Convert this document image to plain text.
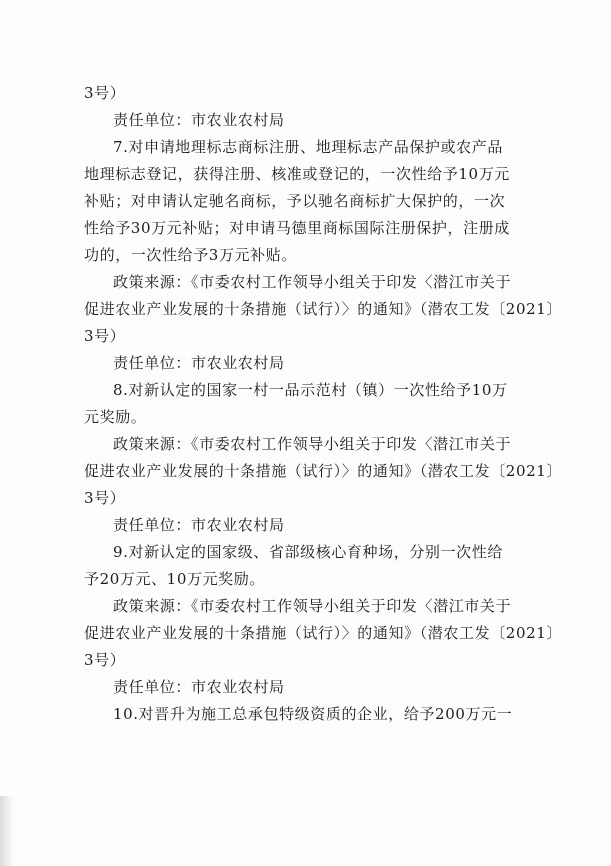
3号）
责任单位：市农业农村局
7.对申请地理标志商标注册、地理标志产品保护或农产品
地理标志登记，获得注册、核准或登记的，一次性给予10万元
补贴；对申请认定驰名商标，予以驰名商标扩大保护的，一次
性给予30万元补贴；对申请马德里商标国际注册保护，注册成
功的，一次性给予3万元补贴。
政策来源：《市委农村工作领导小组关于印发〈潜江市关于
促进农业产业发展的十条措施（试行）〉的通知》（潜农工发〔2021〕
3号）
责任单位：市农业农村局
8.对新认定的国家一村一品示范村（镇）一次性给予10万
元奖励。
政策来源：《市委农村工作领导小组关于印发〈潜江市关于
促进农业产业发展的十条措施（试行）〉的通知》（潜农工发〔2021〕
3号）
责任单位：市农业农村局
9.对新认定的国家级、省部级核心育种场，分别一次性给
予20万元、10万元奖励。
政策来源：《市委农村工作领导小组关于印发〈潜江市关于
促进农业产业发展的十条措施（试行）〉的通知》（潜农工发〔2021〕
3号）
责任单位：市农业农村局
10.对晋升为施工总承包特级资质的企业，给予200万元一
